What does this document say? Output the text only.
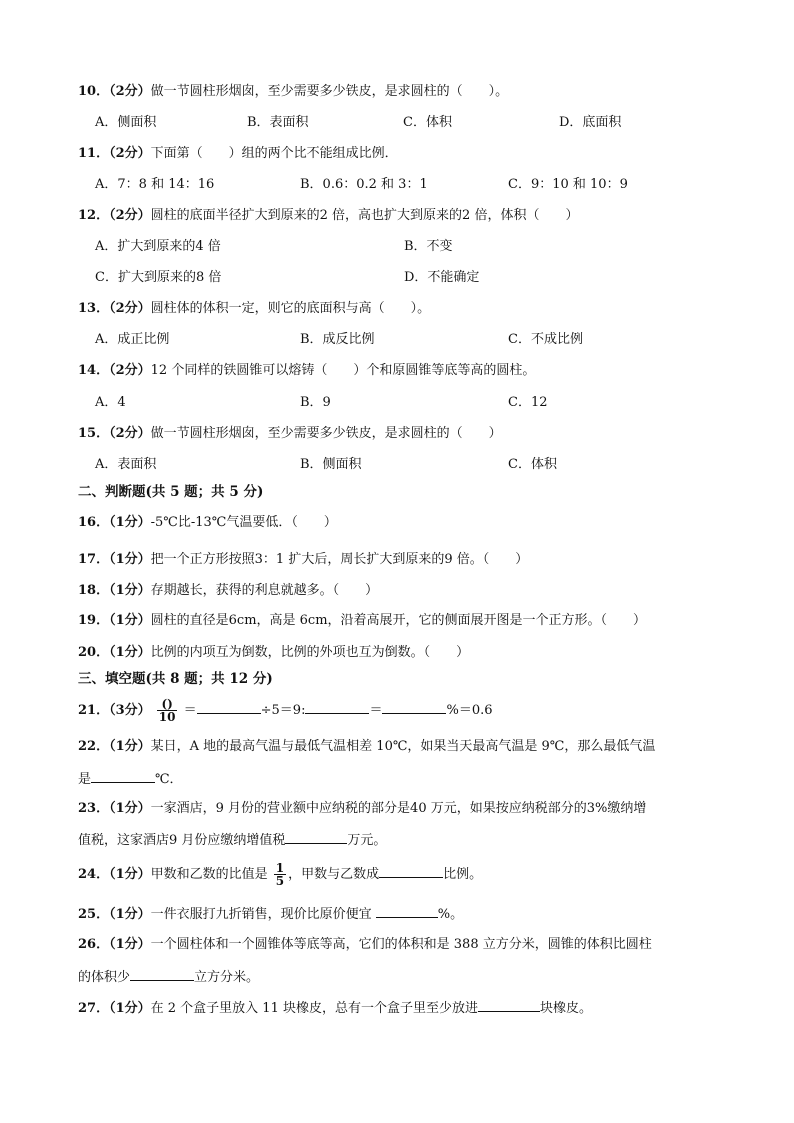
10．（2分）做一节圆柱形烟囱，至少需要多少铁皮，是求圆柱的（　　）。
A．侧面积	B．表面积	C．体积	D．底面积
11．（2分）下面第（　　）组的两个比不能组成比例．
A．7：8 和 14：16	B．0.6：0.2 和 3：1	C．9：10 和 10：9
12．（2分）圆柱的底面半径扩大到原来的2 倍，高也扩大到原来的2 倍，体积（　　）
A．扩大到原来的4 倍	B．不变
C．扩大到原来的8 倍	D．不能确定
13．（2分）圆柱体的体积一定，则它的底面积与高（　　）。
A．成正比例	B．成反比例	C．不成比例
14．（2分）12 个同样的铁圆锥可以熔铸（　　）个和原圆锥等底等高的圆柱。
A．4	B．9	C．12
15．（2分）做一节圆柱形烟囱，至少需要多少铁皮，是求圆柱的（　　）
A．表面积	B．侧面积	C．体积
二、判断题(共 5 题；共 5 分)
16．（1分）-5℃比-13℃气温要低．（　　）
17．（1分）把一个正方形按照3：1 扩大后，周长扩大到原来的9 倍。（　　）
18．（1分）存期越长，获得的利息就越多。（　　）
19．（1分）圆柱的直径是6cm，高是 6cm，沿着高展开，它的侧面展开图是一个正方形。（　　）
20．（1分）比例的内项互为倒数，比例的外项也互为倒数。（　　）
三、填空题(共 8 题；共 12 分)
21．（3分） $\frac{()}{10}$ ＝	÷5＝9:	＝	%＝0.6
22．（1分）某日，A 地的最高气温与最低气温相差 10℃，如果当天最高气温是 9℃，那么最低气温
是	℃．
23．（1分）一家酒店，9 月份的营业额中应纳税的部分是40 万元，如果按应纳税部分的3%缴纳增
值税，这家酒店9 月份应缴纳增值税	万元。
24．（1分）甲数和乙数的比值是 $\frac{1}{5}$ ，甲数与乙数成	比例。
25．（1分）一件衣服打九折销售，现价比原价便宜	%。
26．（1分）一个圆柱体和一个圆锥体等底等高，它们的体积和是 388 立方分米，圆锥的体积比圆柱
的体积少	立方分米。
27．（1分）在 2 个盒子里放入 11 块橡皮，总有一个盒子里至少放进	块橡皮。
